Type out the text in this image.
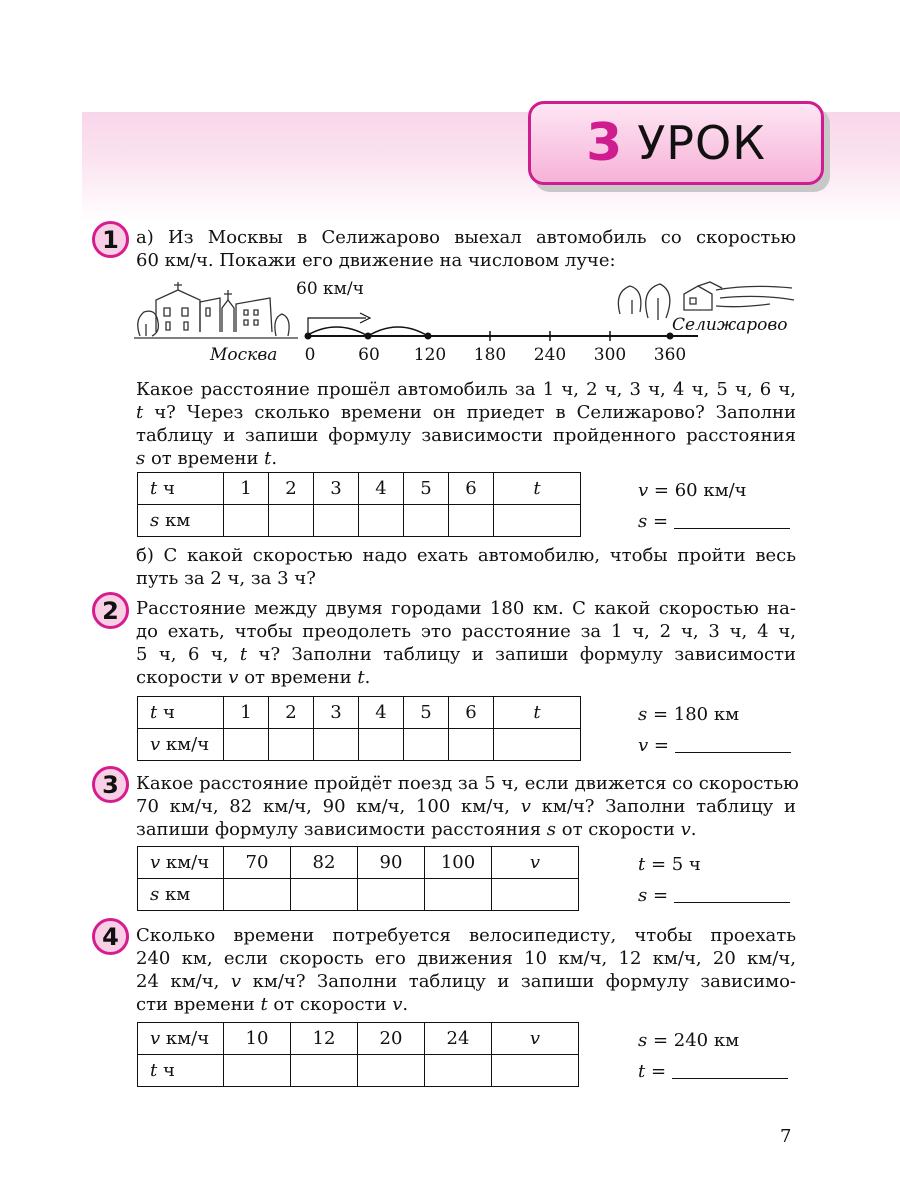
3 УРОК
1 а) Из Москвы в Селижарово выехал автомобиль со скоростью
60 км/ч. Покажи его движение на числовом луче:

Москва
60 км/ч
0	60 120 180 240 300 360
Селижарово

Какое расстояние прошёл автомобиль за 1 ч, 2 ч, 3 ч, 4 ч, 5 ч, 6 ч,
t ч? Через сколько времени он приедет в Селижарово? Заполни
таблицу и запиши формулу зависимости пройденного расстояния
s от времени t.

t ч	1	2	3	4	5	6	t
s км							
v = 60 км/ч
s =

б) С какой скоростью надо ехать автомобилю, чтобы пройти весь
путь за 2 ч, за 3 ч?

2 Расстояние между двумя городами 180 км. С какой скоростью на-
до ехать, чтобы преодолеть это расстояние за 1 ч, 2 ч, 3 ч, 4 ч,
5 ч, 6 ч, t ч? Заполни таблицу и запиши формулу зависимости
скорости v от времени t.

t ч	1	2	3	4	5	6	t
v км/ч							
s = 180 км
v =
3 Какое расстояние пройдёт поезд за 5 ч, если движется со скоростью
70 км/ч, 82 км/ч, 90 км/ч, 100 км/ч, v км/ч? Заполни таблицу и
запиши формулу зависимости расстояния s от скорости v.

v км/ч	70	82	90	100	v
s км					
t = 5 ч
s =
4 Сколько времени потребуется велосипедисту, чтобы проехать
240 км, если скорость его движения 10 км/ч, 12 км/ч, 20 км/ч,
24 км/ч, v км/ч? Заполни таблицу и запиши формулу зависимо-
сти времени t от скорости v.

v км/ч	10	12	20	24	v
t ч					
s = 240 км
t =
7
